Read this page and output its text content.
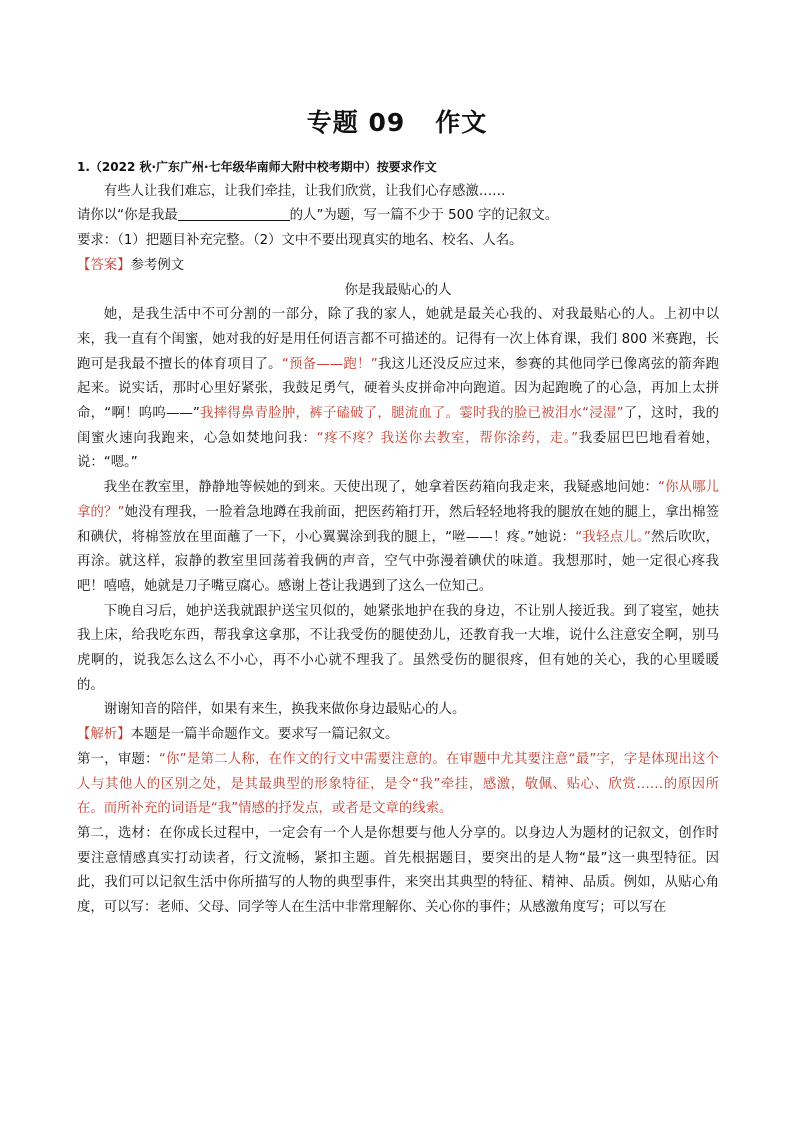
专题 09 作文

1.（2022 秋·广东广州·七年级华南师大附中校考期中）按要求作文

有些人让我们难忘，让我们牵挂，让我们欣赏，让我们心存感激……

请你以“你是我最	的人”为题，写一篇不少于 500 字的记叙文。

要求：（1）把题目补充完整。（2）文中不要出现真实的地名、校名、人名。

【答案】参考例文

你是我最贴心的人

她，是我生活中不可分割的一部分，除了我的家人，她就是最关心我的、对我最贴心的人。上初中以来，我一直有个闺蜜，她对我的好是用任何语言都不可描述的。记得有一次上体育课，我们 800 米赛跑，长跑可是我最不擅长的体育项目了。“预备——跑！”我这儿还没反应过来，参赛的其他同学已像离弦的箭奔跑起来。说实话，那时心里好紧张，我鼓足勇气，硬着头皮拼命冲向跑道。因为起跑晚了的心急，再加上太拼命，“啊！呜呜——”我摔得鼻青脸肿，裤子磕破了，腿流血了。霎时我的脸已被泪水“浸湿”了，这时，我的闺蜜火速向我跑来，心急如焚地问我：“疼不疼？我送你去教室，帮你涂药，走。”我委屈巴巴地看着她，说：“嗯。”

我坐在教室里，静静地等候她的到来。天使出现了，她拿着医药箱向我走来，我疑惑地问她：“你从哪儿拿的？”她没有理我，一脸着急地蹲在我前面，把医药箱打开，然后轻轻地将我的腿放在她的腿上，拿出棉签和碘伏，将棉签放在里面蘸了一下，小心翼翼涂到我的腿上，“咝——！疼。”她说：“我轻点儿。”然后吹吹，再涂。就这样，寂静的教室里回荡着我俩的声音，空气中弥漫着碘伏的味道。我想那时，她一定很心疼我吧！嘻嘻，她就是刀子嘴豆腐心。感谢上苍让我遇到了这么一位知己。

下晚自习后，她护送我就跟护送宝贝似的，她紧张地护在我的身边，不让别人接近我。到了寝室，她扶我上床，给我吃东西，帮我拿这拿那，不让我受伤的腿使劲儿，还教育我一大堆，说什么注意安全啊，别马虎啊的，说我怎么这么不小心，再不小心就不理我了。虽然受伤的腿很疼，但有她的关心，我的心里暖暖的。

谢谢知音的陪伴，如果有来生，换我来做你身边最贴心的人。

【解析】本题是一篇半命题作文。要求写一篇记叙文。

第一，审题：“你”是第二人称，在作文的行文中需要注意的。在审题中尤其要注意“最”字，字是体现出这个人与其他人的区别之处，是其最典型的形象特征，是令“我”牵挂，感激，敬佩、贴心、欣赏……的原因所在。而所补充的词语是“我”情感的抒发点，或者是文章的线索。

第二，选材：在你成长过程中，一定会有一个人是你想要与他人分享的。以身边人为题材的记叙文，创作时要注意情感真实打动读者，行文流畅，紧扣主题。首先根据题目，要突出的是人物“最”这一典型特征。因此，我们可以记叙生活中你所描写的人物的典型事件，来突出其典型的特征、精神、品质。例如，从贴心角度，可以写：老师、父母、同学等人在生活中非常理解你、关心你的事件；从感激角度写；可以写在
